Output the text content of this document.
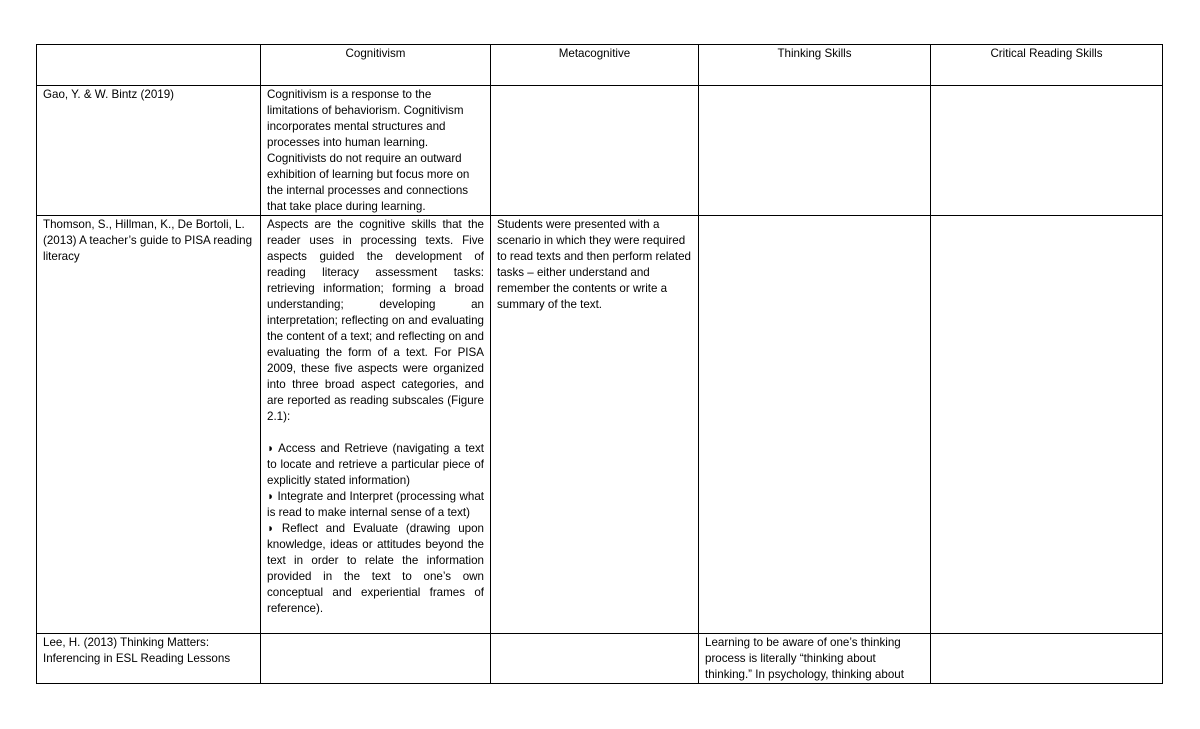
	Cognitivism	Metacognitive	Thinking Skills	Critical Reading Skills
Gao, Y. & W. Bintz (2019)	Cognitivism is a response to the limitations of behaviorism. Cognitivism incorporates mental structures and processes into human learning. Cognitivists do not require an outward exhibition of learning but focus more on the internal processes and connections that take place during learning.			
Thomson, S., Hillman, K., De Bortoli, L. (2013) A teacher’s guide to PISA reading literacy	Aspects are the cognitive skills that the reader uses in processing texts. Five aspects guided the development of reading literacy assessment tasks: retrieving information; forming a broad understanding; developing an interpretation; reflecting on and evaluating the content of a text; and reflecting on and evaluating the form of a text. For PISA 2009, these five aspects were organized into three broad aspect categories, and are reported as reading subscales (Figure 2.1):
◗ Access and Retrieve (navigating a text to locate and retrieve a particular piece of explicitly stated information)
◗ Integrate and Interpret (processing what is read to make internal sense of a text)
◗ Reflect and Evaluate (drawing upon knowledge, ideas or attitudes beyond the text in order to relate the information provided in the text to one’s own conceptual and experiential frames of reference).	Students were presented with a scenario in which they were required to read texts and then perform related tasks – either understand and remember the contents or write a summary of the text.		
Lee, H. (2013) Thinking Matters: Inferencing in ESL Reading Lessons			Learning to be aware of one’s thinking process is literally “thinking about thinking.” In psychology, thinking about	
